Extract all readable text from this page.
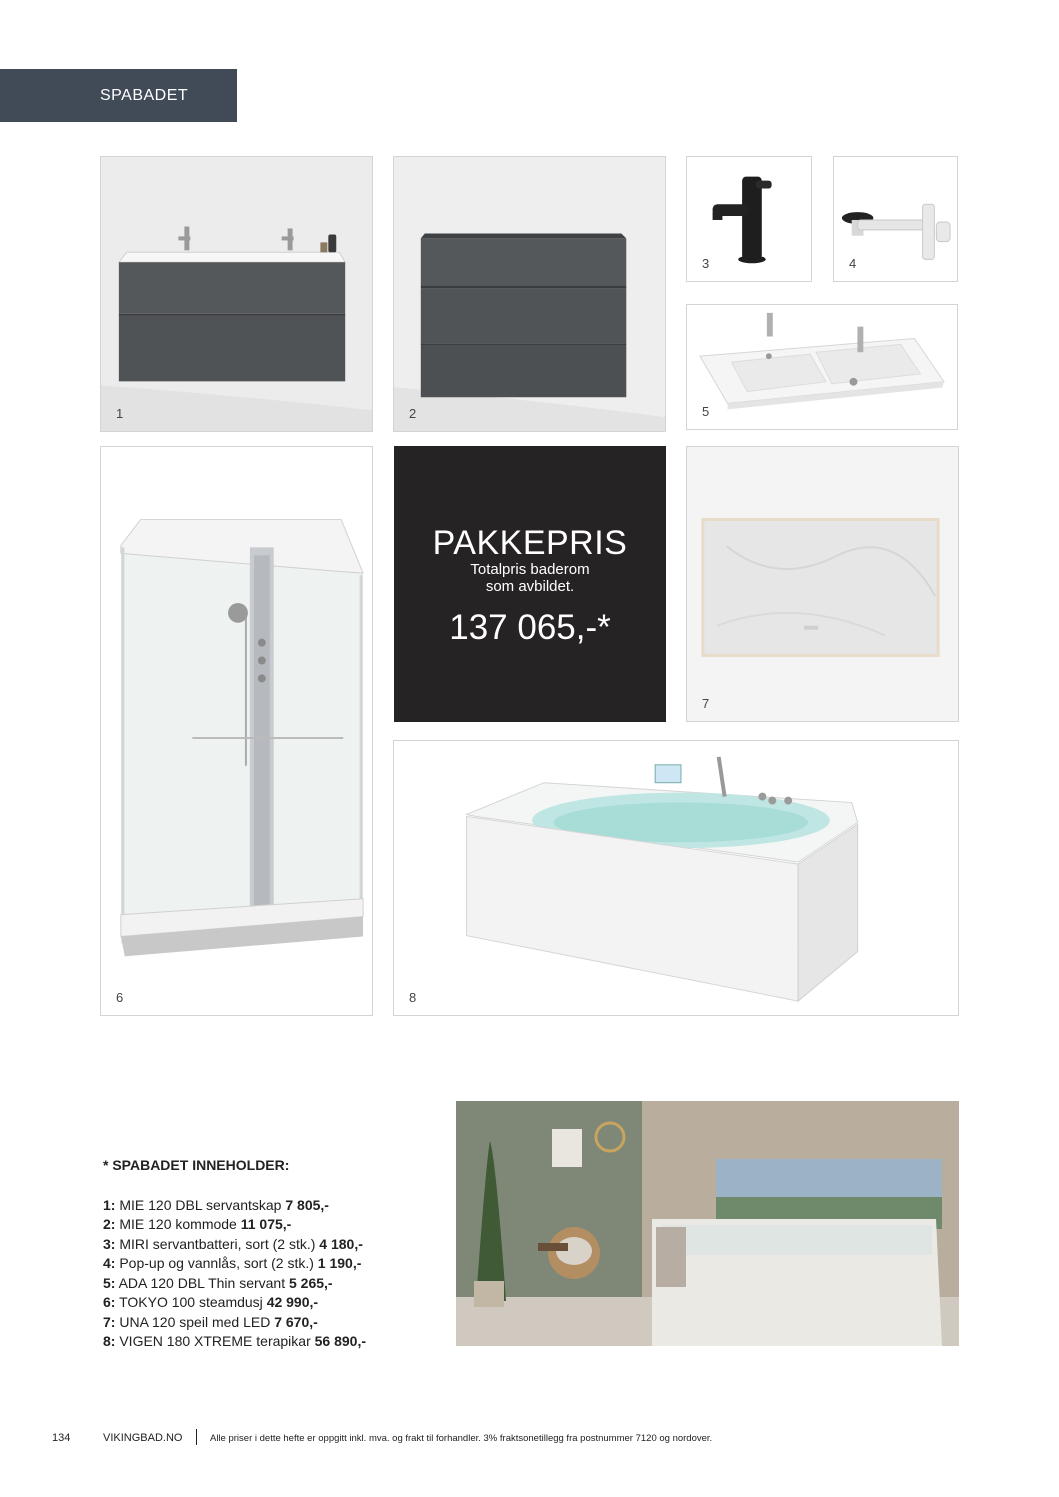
SPABADET
1	2
3	4
5
6
PAKKEPRIS
Totalpris baderom
som avbildet.
137 065,-*
7
8
* SPABADET INNEHOLDER:
1: MIE 120 DBL servantskap 7 805,-
2: MIE 120 kommode 11 075,-
3: MIRI servantbatteri, sort (2 stk.) 4 180,-
4: Pop-up og vannlås, sort (2 stk.) 1 190,-
5: ADA 120 DBL Thin servant 5 265,-
6: TOKYO 100 steamdusj 42 990,-
7: UNA 120 speil med LED 7 670,-
8: VIGEN 180 XTREME terapikar 56 890,-
134	VIKINGBAD.NO	Alle priser i dette hefte er oppgitt inkl. mva. og frakt til forhandler. 3% fraktsonetillegg fra postnummer 7120 og nordover.
